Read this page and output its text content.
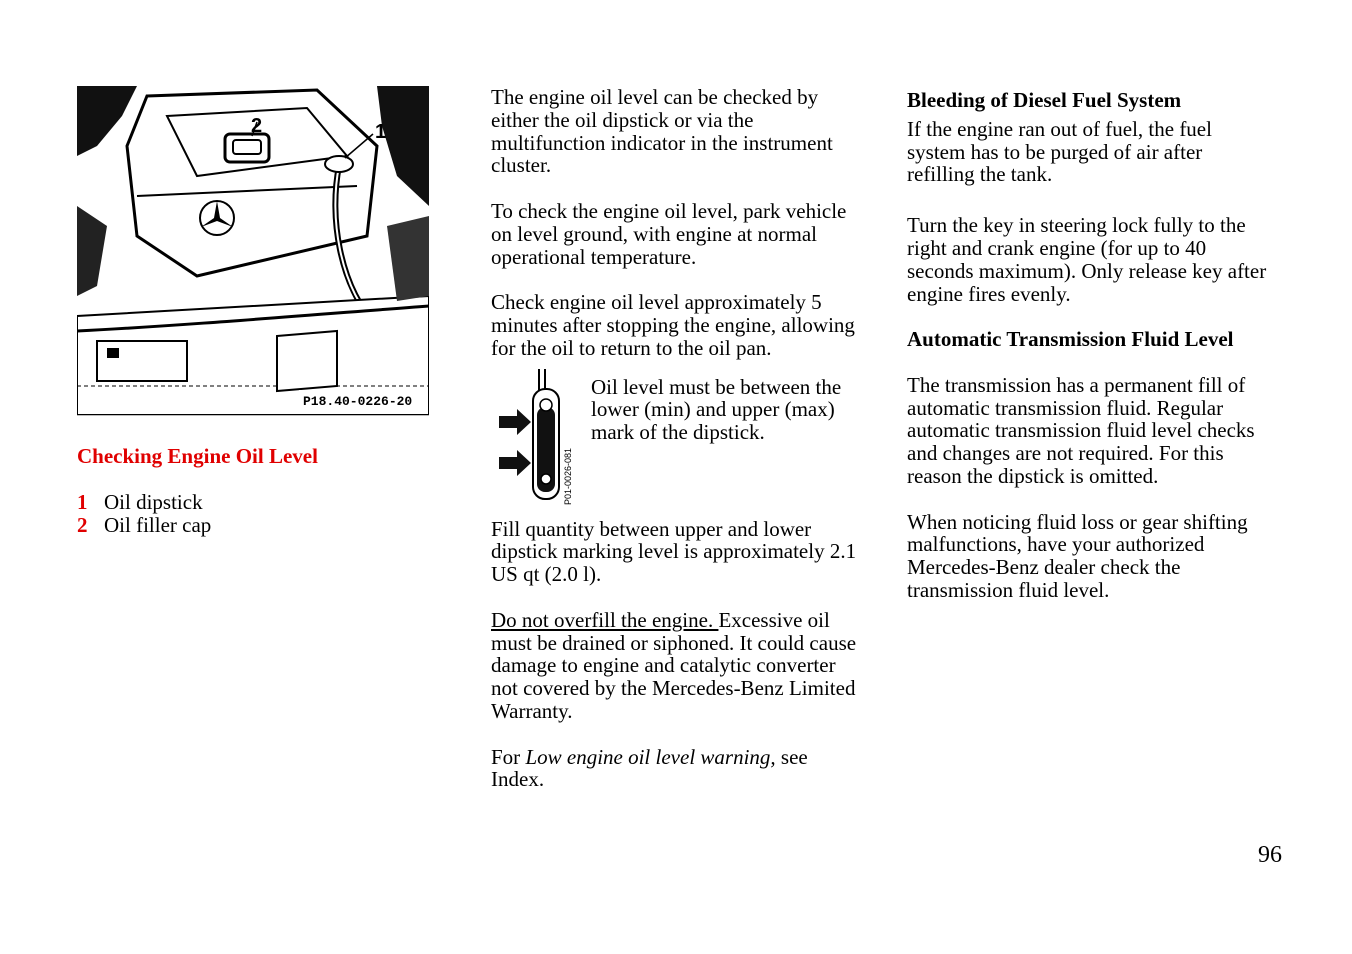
2	1
P18.40-0226-20

Checking Engine Oil Level

1 Oil dipstick
2 Oil filler cap

The engine oil level can be checked by either the oil dipstick or via the multifunction indicator in the instrument cluster.

To check the engine oil level, park vehicle on level ground, with engine at normal operational temperature.

Check engine oil level approximately 5 minutes after stopping the engine, allowing for the oil to return to the oil pan.

P01-0026-081

Oil level must be between the lower (min) and upper (max) mark of the dipstick.

Fill quantity between upper and lower dipstick marking level is approximately 2.1 US qt (2.0 l).

Do not overfill the engine. Excessive oil must be drained or siphoned. It could cause damage to engine and catalytic converter not covered by the Mercedes-Benz Limited Warranty.

For Low engine oil level warning, see Index.

Bleeding of Diesel Fuel System

If the engine ran out of fuel, the fuel system has to be purged of air after refilling the tank.

Turn the key in steering lock fully to the right and crank engine (for up to 40 seconds maximum). Only release key after engine fires evenly.

Automatic Transmission Fluid Level

The transmission has a permanent fill of automatic transmission fluid. Regular automatic transmission fluid level checks and changes are not required. For this reason the dipstick is omitted.

When noticing fluid loss or gear shifting malfunctions, have your authorized Mercedes-Benz dealer check the transmission fluid level.

96
